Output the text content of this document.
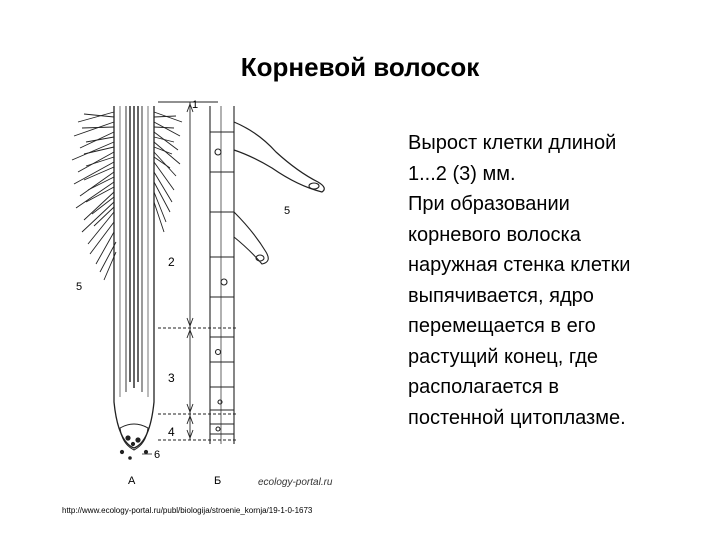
Корневой волосок
Вырост клетки длиной
1...2 (3) мм.
При образовании
корневого волоска
наружная стенка клетки
выпячивается, ядро
перемещается в его
растущий конец, где
располагается в
постенной цитоплазме.
1
2
3
4
5
5
6
А	Б	ecology-portal.ru
http://www.ecology-portal.ru/publ/biologija/stroenie_kornja/19-1-0-1673
